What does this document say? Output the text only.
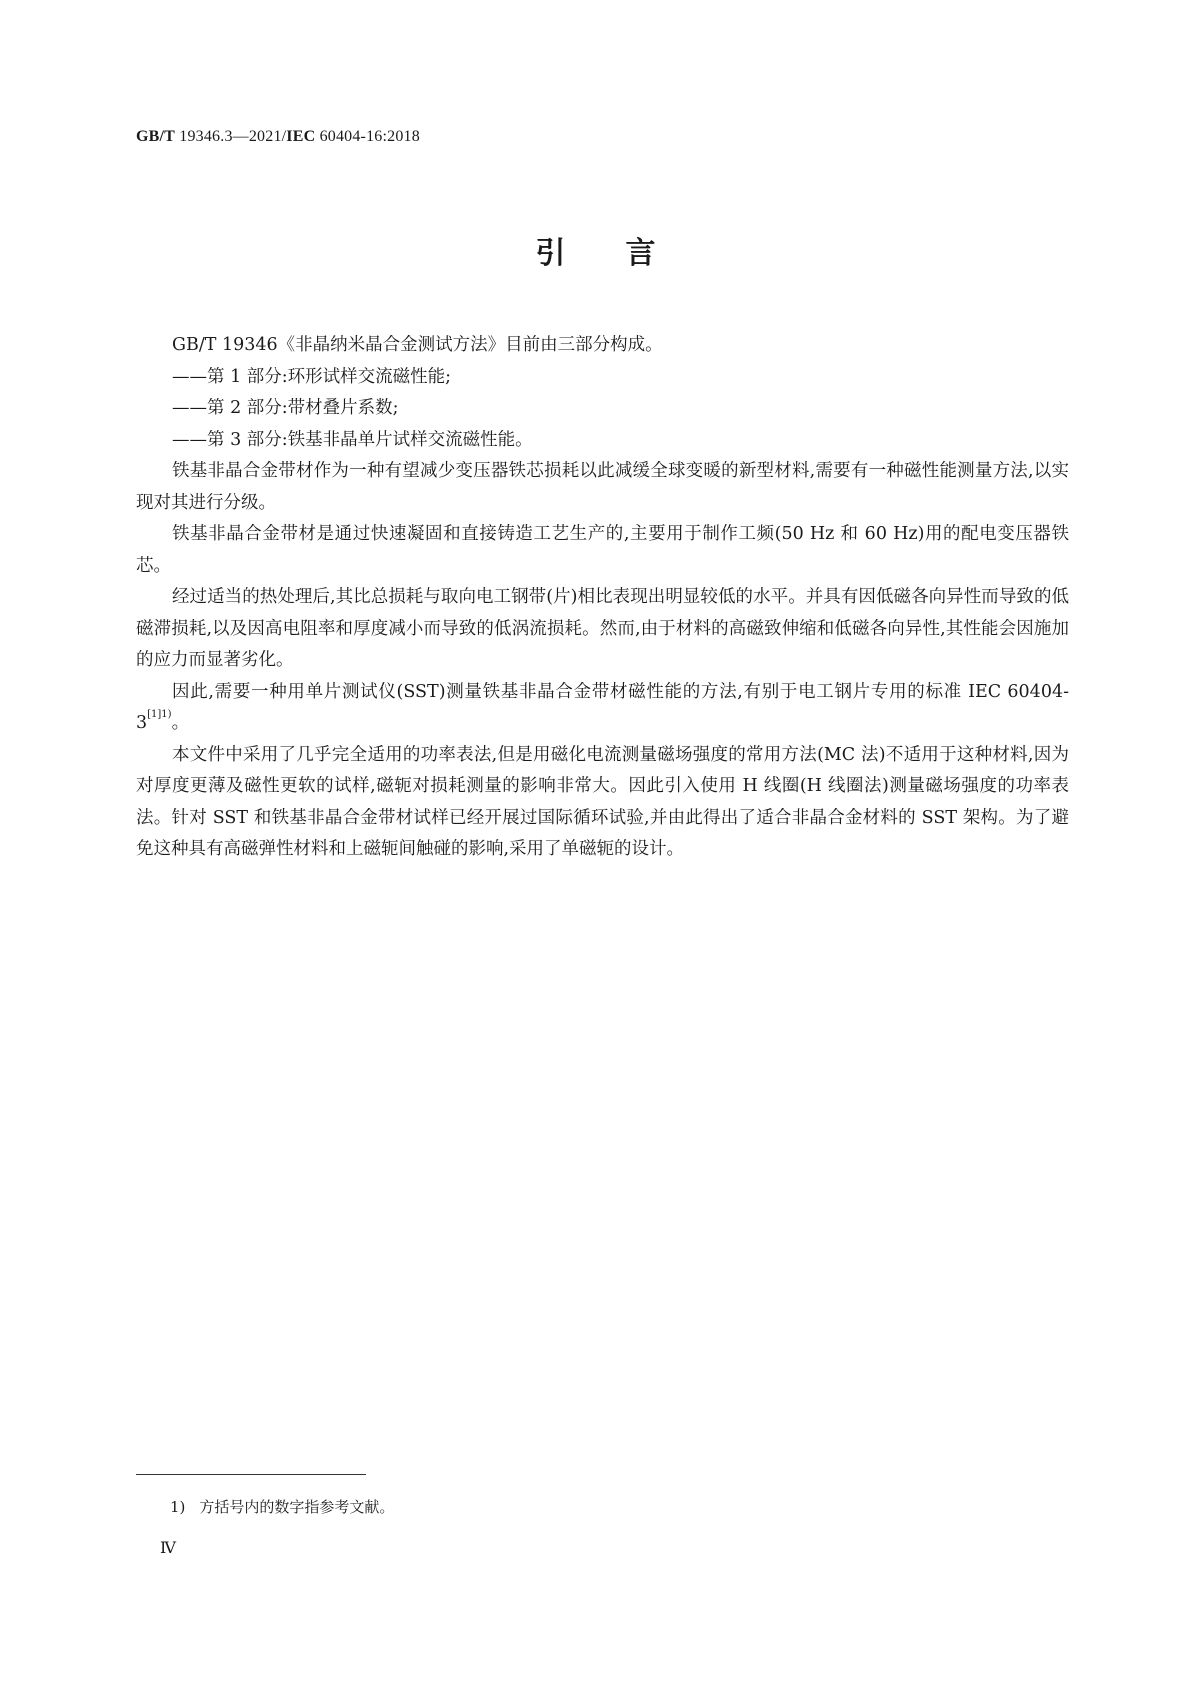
GB/T 19346.3—2021/IEC 60404-16:2018
引言

GB/T 19346《非晶纳米晶合金测试方法》目前由三部分构成。

——第 1 部分:环形试样交流磁性能;

——第 2 部分:带材叠片系数;

——第 3 部分:铁基非晶单片试样交流磁性能。

铁基非晶合金带材作为一种有望减少变压器铁芯损耗以此减缓全球变暖的新型材料,需要有一种磁性能测量方法,以实现对其进行分级。

铁基非晶合金带材是通过快速凝固和直接铸造工艺生产的,主要用于制作工频(50 Hz 和 60 Hz)用的配电变压器铁芯。

经过适当的热处理后,其比总损耗与取向电工钢带(片)相比表现出明显较低的水平。并具有因低磁各向异性而导致的低磁滞损耗,以及因高电阻率和厚度减小而导致的低涡流损耗。然而,由于材料的高磁致伸缩和低磁各向异性,其性能会因施加的应力而显著劣化。

因此,需要一种用单片测试仪(SST)测量铁基非晶合金带材磁性能的方法,有别于电工钢片专用的标准 IEC 60404-3$^{[1]1)}$。

本文件中采用了几乎完全适用的功率表法,但是用磁化电流测量磁场强度的常用方法(MC 法)不适用于这种材料,因为对厚度更薄及磁性更软的试样,磁轭对损耗测量的影响非常大。因此引入使用 H 线圈(H 线圈法)测量磁场强度的功率表法。针对 SST 和铁基非晶合金带材试样已经开展过国际循环试验,并由此得出了适合非晶合金材料的 SST 架构。为了避免这种具有高磁弹性材料和上磁轭间触碰的影响,采用了单磁轭的设计。

1) 方括号内的数字指参考文献。
Ⅳ
